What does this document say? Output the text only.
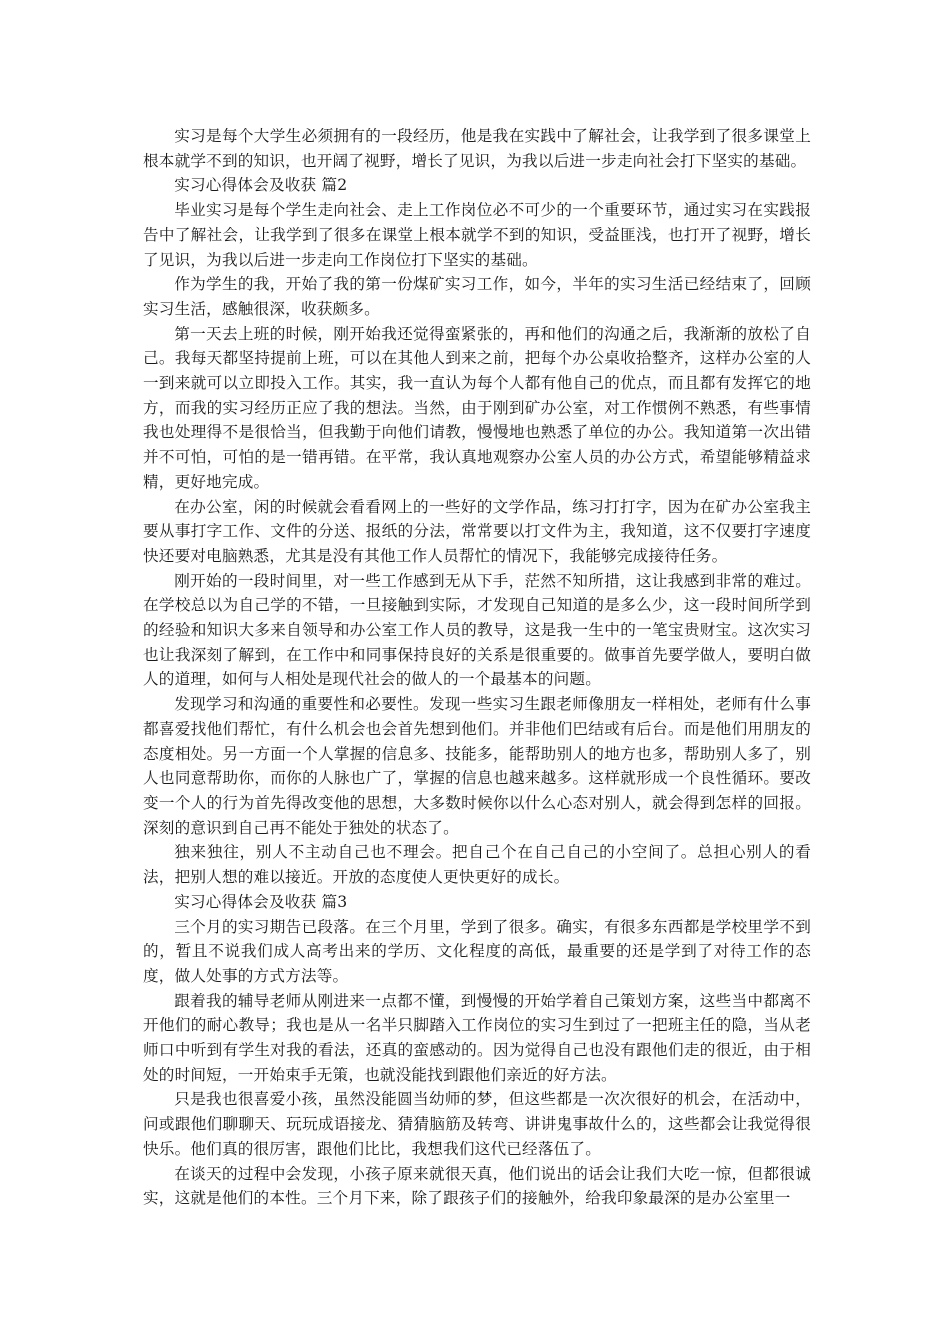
实习是每个大学生必须拥有的一段经历，他是我在实践中了解社会，让我学到了很多课堂上根本就学不到的知识，也开阔了视野，增长了见识，为我以后进一步走向社会打下坚实的基础。

实习心得体会及收获 篇2

毕业实习是每个学生走向社会、走上工作岗位必不可少的一个重要环节，通过实习在实践报告中了解社会，让我学到了很多在课堂上根本就学不到的知识，受益匪浅，也打开了视野，增长了见识，为我以后进一步走向工作岗位打下坚实的基础。

作为学生的我，开始了我的第一份煤矿实习工作，如今，半年的实习生活已经结束了，回顾实习生活，感触很深，收获颇多。

第一天去上班的时候，刚开始我还觉得蛮紧张的，再和他们的沟通之后，我渐渐的放松了自己。我每天都坚持提前上班，可以在其他人到来之前，把每个办公桌收拾整齐，这样办公室的人一到来就可以立即投入工作。其实，我一直认为每个人都有他自己的优点，而且都有发挥它的地方，而我的实习经历正应了我的想法。当然，由于刚到矿办公室，对工作惯例不熟悉，有些事情我也处理得不是很恰当，但我勤于向他们请教，慢慢地也熟悉了单位的办公。我知道第一次出错并不可怕，可怕的是一错再错。在平常，我认真地观察办公室人员的办公方式，希望能够精益求精，更好地完成。

在办公室，闲的时候就会看看网上的一些好的文学作品，练习打打字，因为在矿办公室我主要从事打字工作、文件的分送、报纸的分法，常常要以打文件为主，我知道，这不仅要打字速度快还要对电脑熟悉，尤其是没有其他工作人员帮忙的情况下，我能够完成接待任务。

刚开始的一段时间里，对一些工作感到无从下手，茫然不知所措，这让我感到非常的难过。在学校总以为自己学的不错，一旦接触到实际，才发现自己知道的是多么少，这一段时间所学到的经验和知识大多来自领导和办公室工作人员的教导，这是我一生中的一笔宝贵财宝。这次实习也让我深刻了解到，在工作中和同事保持良好的关系是很重要的。做事首先要学做人，要明白做人的道理，如何与人相处是现代社会的做人的一个最基本的问题。

发现学习和沟通的重要性和必要性。发现一些实习生跟老师像朋友一样相处，老师有什么事都喜爱找他们帮忙，有什么机会也会首先想到他们。并非他们巴结或有后台。而是他们用朋友的态度相处。另一方面一个人掌握的信息多、技能多，能帮助别人的地方也多，帮助别人多了，别人也同意帮助你，而你的人脉也广了，掌握的信息也越来越多。这样就形成一个良性循环。要改变一个人的行为首先得改变他的思想，大多数时候你以什么心态对别人，就会得到怎样的回报。深刻的意识到自己再不能处于独处的状态了。

独来独往，别人不主动自己也不理会。把自己个在自己自己的小空间了。总担心别人的看法，把别人想的难以接近。开放的态度使人更快更好的成长。

实习心得体会及收获 篇3

三个月的实习期告已段落。在三个月里，学到了很多。确实，有很多东西都是学校里学不到的，暂且不说我们成人高考出来的学历、文化程度的高低，最重要的还是学到了对待工作的态度，做人处事的方式方法等。

跟着我的辅导老师从刚进来一点都不懂，到慢慢的开始学着自己策划方案，这些当中都离不开他们的耐心教导；我也是从一名半只脚踏入工作岗位的实习生到过了一把班主任的隐，当从老师口中听到有学生对我的看法，还真的蛮感动的。因为觉得自己也没有跟他们走的很近，由于相处的时间短，一开始束手无策，也就没能找到跟他们亲近的好方法。

只是我也很喜爱小孩，虽然没能圆当幼师的梦，但这些都是一次次很好的机会，在活动中，问或跟他们聊聊天、玩玩成语接龙、猜猜脑筋及转弯、讲讲鬼事故什么的，这些都会让我觉得很快乐。他们真的很厉害，跟他们比比，我想我们这代已经落伍了。

在谈天的过程中会发现，小孩子原来就很天真，他们说出的话会让我们大吃一惊，但都很诚实，这就是他们的本性。三个月下来，除了跟孩子们的接触外，给我印象最深的是办公室里一
